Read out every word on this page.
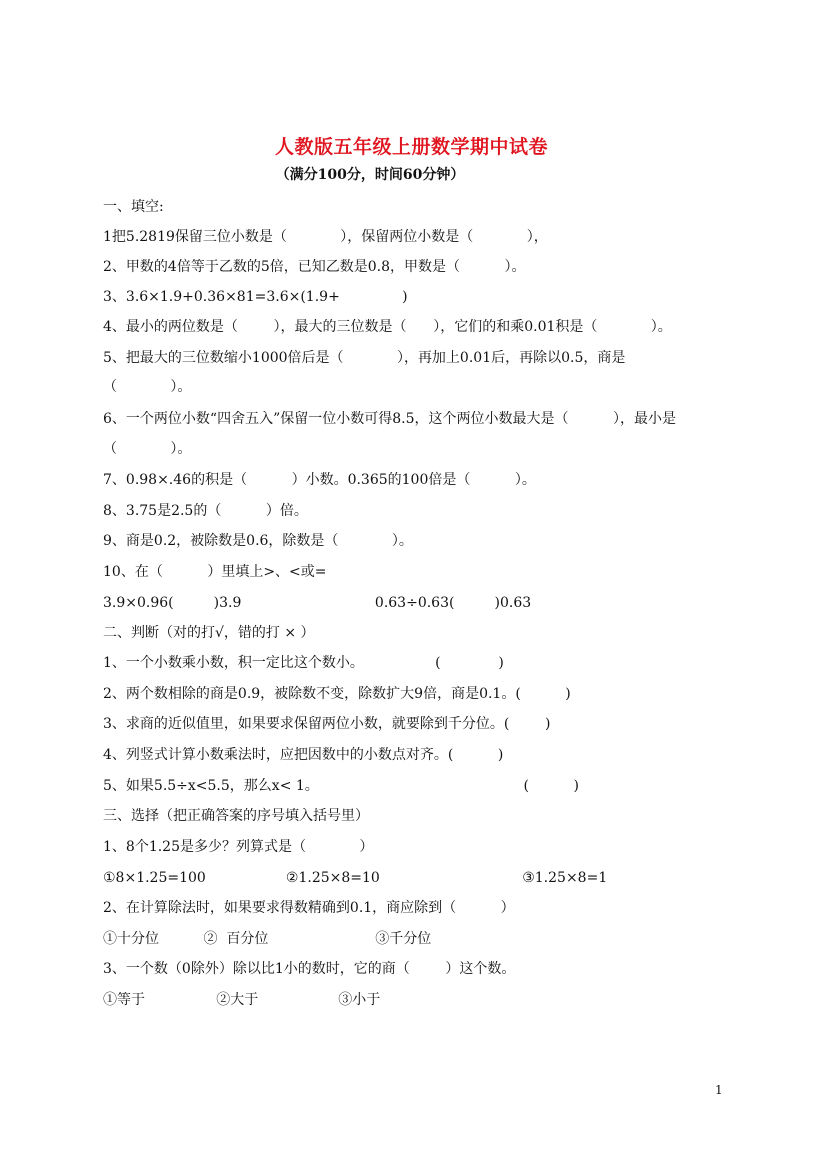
人教版五年级上册数学期中试卷
（满分100分，时间60分钟）
一、填空:
1把5.2819保留三位小数是（            ），保留两位小数是（            ），
2、甲数的4倍等于乙数的5倍，已知乙数是0.8，甲数是（          ）。
3、3.6×1.9+0.36×81=3.6×(1.9+              )
4、最小的两位数是（        ），最大的三位数是（      ），它们的和乘0.01积是（            ）。
5、把最大的三位数缩小1000倍后是（            ），再加上0.01后，再除以0.5，商是
（            ）。
6、一个两位小数“四舍五入”保留一位小数可得8.5，这个两位小数最大是（          ），最小是
（            ）。
7、0.98×.46的积是（          ）小数。0.365的100倍是（          ）。
8、3.75是2.5的（          ）倍。
9、商是0.2，被除数是0.6，除数是（            ）。
10、在（          ）里填上>、<或=
3.9×0.96(         )3.9                              0.63÷0.63(         )0.63
二、判断（对的打√，错的打 × ）
1、一个小数乘小数，积一定比这个数小。                (             )
2、两个数相除的商是0.9，被除数不变，除数扩大9倍，商是0.1。(          )
3、求商的近似值里，如果要求保留两位小数，就要除到千分位。(        )
4、列竖式计算小数乘法时，应把因数中的小数点对齐。(          )
5、如果5.5÷x<5.5，那么x< 1。                                              (          )
三、选择（把正确答案的序号填入括号里）
1、8个1.25是多少？列算式是（            ）
①8×1.25=100                  ②1.25×8=10                                ③1.25×8=1
2、在计算除法时，如果要求得数精确到0.1，商应除到（          ）
①十分位          ②  百分位                        ③千分位
3、一个数（0除外）除以比1小的数时，它的商（        ）这个数。
①等于                ②大于                  ③小于
1
